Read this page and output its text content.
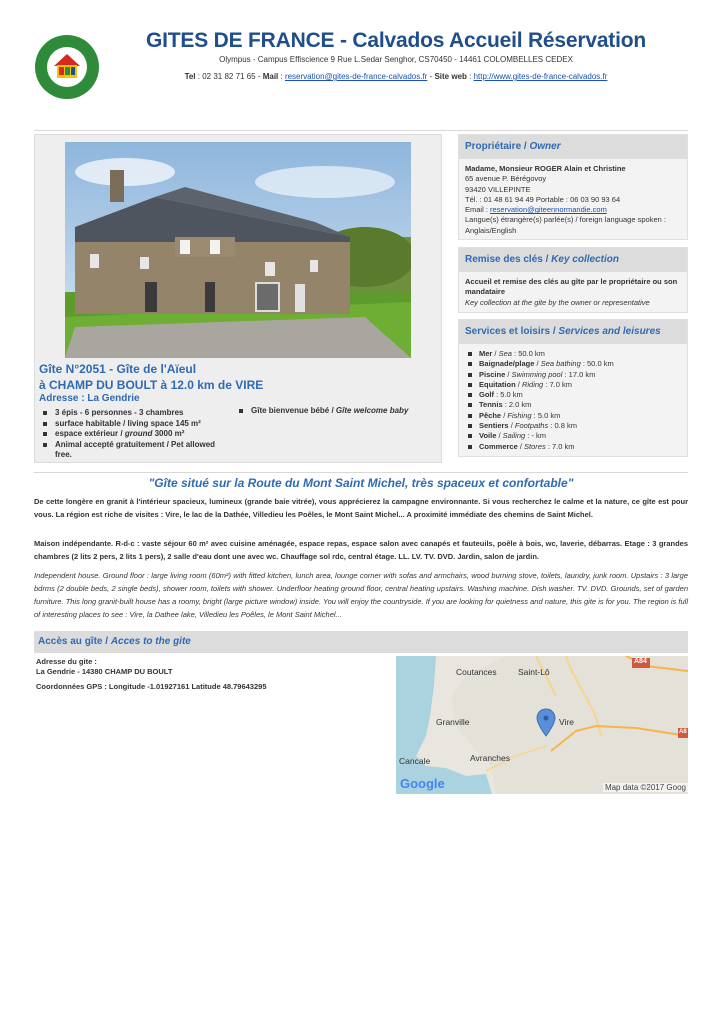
GITES DE FRANCE - Calvados Accueil Réservation
Olympus - Campus Effiscience 9 Rue L.Sedar Senghor, CS70450 - 14461 COLOMBELLES CEDEX
Tel : 02 31 82 71 65 - Mail : reservation@gites-de-france-calvados.fr - Site web : http://www.gites-de-france-calvados.fr
Gîte N°2051 - Gîte de l'Aïeul
à CHAMP DU BOULT à 12.0 km de VIRE
Adresse : La Gendrie
3 épis - 6 personnes - 3 chambres
surface habitable / living space 145 m²
espace extérieur / ground 3000 m²
Animal accepté gratuitement / Pet allowed free.
Gîte bienvenue bébé / Gîte welcome baby
Propriétaire / Owner
Madame, Monsieur ROGER Alain et Christine
65 avenue P. Bérégovoy
93420 VILLEPINTE
Tél. : 01 48 61 94 49 Portable : 06 03 90 93 64
Email : reservation@giteennormandie.com
Langue(s) étrangère(s) parlée(s) / foreign language spoken : Anglais/English
Remise des clés / Key collection
Accueil et remise des clés au gîte par le propriétaire ou son mandataire
Key collection at the gite by the owner or representative
Services et loisirs / Services and leisures
Mer / Sea : 50.0 km
Baignade/plage / Sea bathing : 50.0 km
Piscine / Swimming pool : 17.0 km
Equitation / Riding : 7.0 km
Golf : 5.0 km
Tennis : 2.0 km
Pêche / Fishing : 5.0 km
Sentiers / Footpaths : 0.8 km
Voile / Sailing : - km
Commerce / Stores : 7.0 km
"Gîte situé sur la Route du Mont Saint Michel, très spaceux et confortable"
De cette longère en granit à l'intérieur spacieux, lumineux (grande baie vitrée), vous apprécierez la campagne environnante. Si vous recherchez le calme et la nature, ce gîte est pour vous. La région est riche de visites : Vire, le lac de la Dathée, Villedieu les Poêles, le Mont Saint Michel... A proximité immédiate des chemins de Saint Michel.
Maison indépendante. R-d-c : vaste séjour 60 m² avec cuisine aménagée, espace repas, espace salon avec canapés et fauteuils, poêle à bois, wc, laverie, débarras. Etage : 3 grandes chambres (2 lits 2 pers, 2 lits 1 pers), 2 salle d'eau dont une avec wc. Chauffage sol rdc, central étage. LL. LV. TV. DVD. Jardin, salon de jardin.
Independent house. Ground floor : large living room (60m²) with fitted kitchen, lunch area, lounge corner with sofas and armchairs, wood burning stove, toilets, laundry, junk room. Upstairs : 3 large bdrms (2 double beds, 2 single beds), shower room, toilets with shower. Underfloor heating ground floor, central heating upstairs. Washing machine. Dish washer. TV. DVD. Grounds, set of garden furniture. This long granit-built house has a roomy, bright (large picture window) inside. You will enjoy the countryside. If you are looking for quietness and nature, this gite is for you. The region is full of interesting places to see : Vire, la Dathee lake, Villedieu les Poêles, le Mont Saint Michel...
Accès au gîte / Acces to the gite
Adresse du gite :
La Gendrie - 14380 CHAMP DU BOULT
Coordonnées GPS : Longitude -1.01927161 Latitude 48.79643295
Coutances	Saint-Lô
Granville	Vire
Cancale	Avranches
A84
A8
Google	Map data ©2017 Goog
